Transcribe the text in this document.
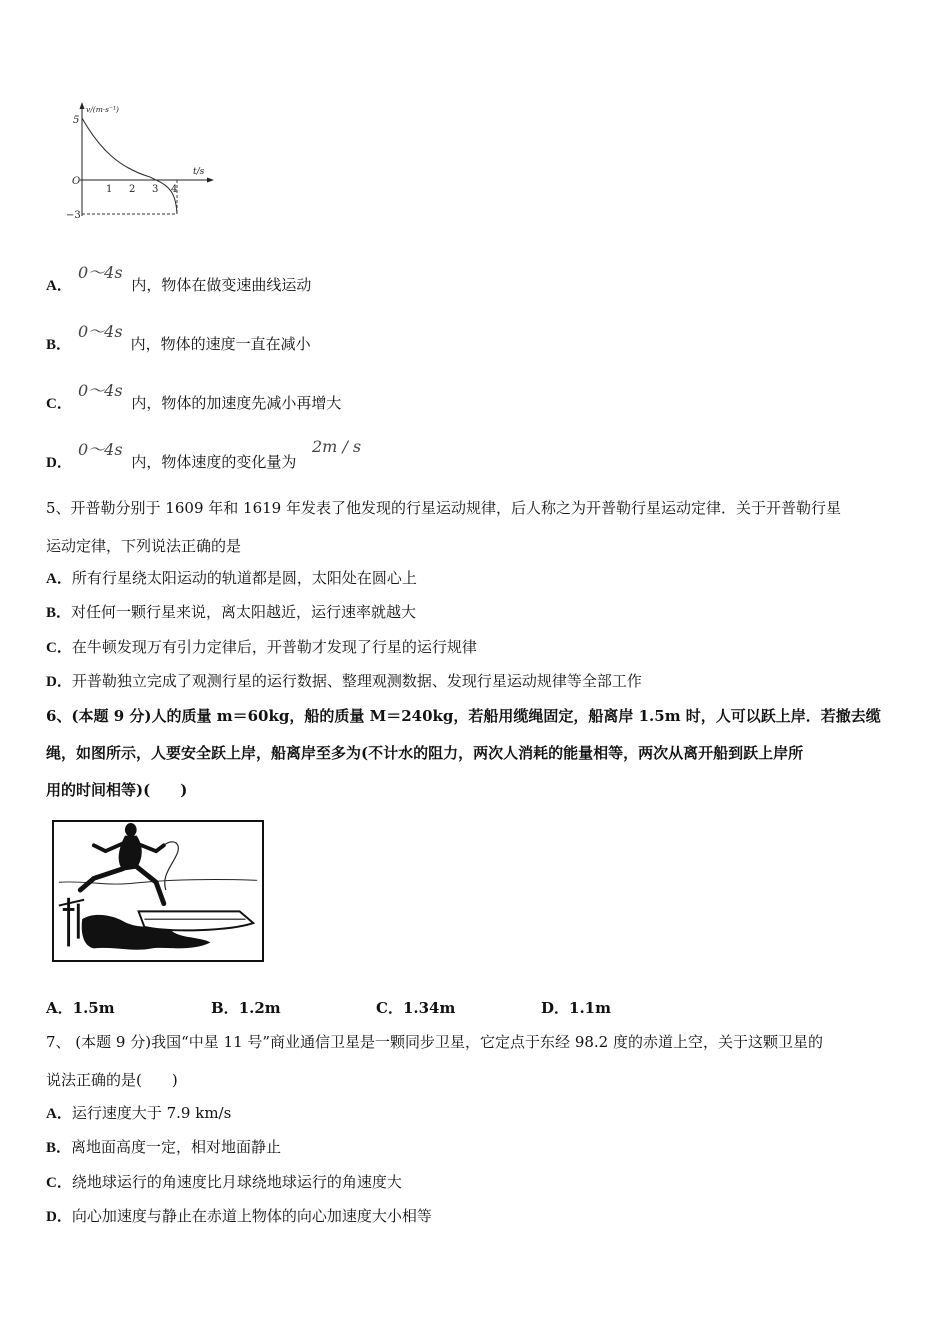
v/(m·s⁻¹)
5
O
−3
t/s
1 2 3 4
0～4s
A．	内，物体在做变速曲线运动
0～4s
B．	内，物体的速度一直在减小
0～4s
C．	内，物体的加速度先减小再增大
0～4s	2m / s
D．	内，物体速度的变化量为
5、开普勒分别于 1609 年和 1619 年发表了他发现的行星运动规律，后人称之为开普勒行星运动定律．关于开普勒行星
运动定律，下列说法正确的是
A．所有行星绕太阳运动的轨道都是圆，太阳处在圆心上
B．对任何一颗行星来说，离太阳越近，运行速率就越大
C．在牛顿发现万有引力定律后，开普勒才发现了行星的运行规律
D．开普勒独立完成了观测行星的运行数据、整理观测数据、发现行星运动规律等全部工作
6、(本题 9 分)人的质量 m＝60kg，船的质量 M＝240kg，若船用缆绳固定，船离岸 1.5m 时，人可以跃上岸．若撤去缆
绳，如图所示，人要安全跃上岸，船离岸至多为(不计水的阻力，两次人消耗的能量相等，两次从离开船到跃上岸所
用的时间相等)(　　)
A．1.5m	B．1.2m	C．1.34m	D．1.1m
7、 (本题 9 分)我国“中星 11 号”商业通信卫星是一颗同步卫星，它定点于东经 98.2 度的赤道上空，关于这颗卫星的
说法正确的是(　　)
A．运行速度大于 7.9 km/s
B．离地面高度一定，相对地面静止
C．绕地球运行的角速度比月球绕地球运行的角速度大
D．向心加速度与静止在赤道上物体的向心加速度大小相等
